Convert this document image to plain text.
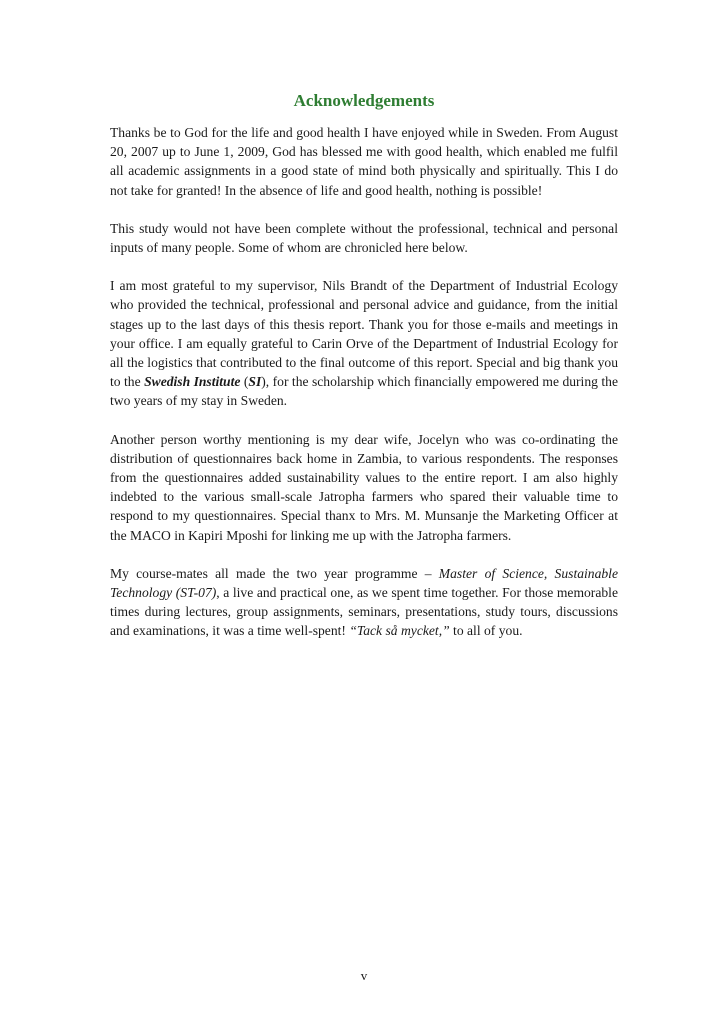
Acknowledgements

Thanks be to God for the life and good health I have enjoyed while in Sweden. From August 20, 2007 up to June 1, 2009, God has blessed me with good health, which enabled me fulfil all academic assignments in a good state of mind both physically and spiritually. This I do not take for granted! In the absence of life and good health, nothing is possible!

This study would not have been complete without the professional, technical and personal inputs of many people. Some of whom are chronicled here below.

I am most grateful to my supervisor, Nils Brandt of the Department of Industrial Ecology who provided the technical, professional and personal advice and guidance, from the initial stages up to the last days of this thesis report. Thank you for those e-mails and meetings in your office. I am equally grateful to Carin Orve of the Department of Industrial Ecology for all the logistics that contributed to the final outcome of this report. Special and big thank you to the Swedish Institute (SI), for the scholarship which financially empowered me during the two years of my stay in Sweden.

Another person worthy mentioning is my dear wife, Jocelyn who was co-ordinating the distribution of questionnaires back home in Zambia, to various respondents. The responses from the questionnaires added sustainability values to the entire report. I am also highly indebted to the various small-scale Jatropha farmers who spared their valuable time to respond to my questionnaires. Special thanx to Mrs. M. Munsanje the Marketing Officer at the MACO in Kapiri Mposhi for linking me up with the Jatropha farmers.

My course-mates all made the two year programme – Master of Science, Sustainable Technology (ST-07), a live and practical one, as we spent time together. For those memorable times during lectures, group assignments, seminars, presentations, study tours, discussions and examinations, it was a time well-spent! “Tack så mycket,” to all of you.

v
